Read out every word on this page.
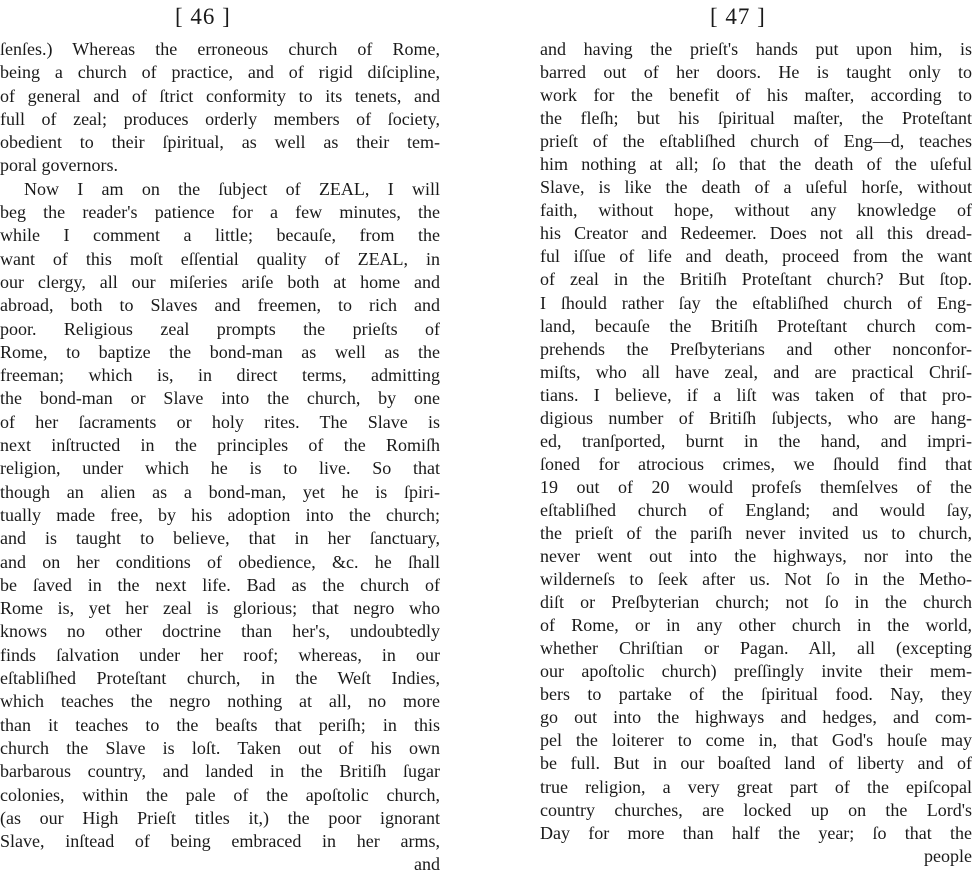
[ 46 ]
ſenſes.) Whereas the erroneous church of Rome,
being a church of practice, and of rigid diſcipline,
of general and of ſtrict conformity to its tenets, and
full of zeal; produces orderly members of ſociety,
obedient to their ſpiritual, as well as their tem-
poral governors.
Now I am on the ſubject of ZEAL, I will
beg the reader's patience for a few minutes, the
while I comment a little; becauſe, from the
want of this moſt eſſential quality of ZEAL, in
our clergy, all our miſeries ariſe both at home and
abroad, both to Slaves and freemen, to rich and
poor. Religious zeal prompts the prieſts of
Rome, to baptize the bond-man as well as the
freeman; which is, in direct terms, admitting
the bond-man or Slave into the church, by one
of her ſacraments or holy rites. The Slave is
next inſtructed in the principles of the Romiſh
religion, under which he is to live. So that
though an alien as a bond-man, yet he is ſpiri-
tually made free, by his adoption into the church;
and is taught to believe, that in her ſanctuary,
and on her conditions of obedience, &c. he ſhall
be ſaved in the next life. Bad as the church of
Rome is, yet her zeal is glorious; that negro who
knows no other doctrine than her's, undoubtedly
finds ſalvation under her roof; whereas, in our
eſtabliſhed Proteſtant church, in the Weſt Indies,
which teaches the negro nothing at all, no more
than it teaches to the beaſts that periſh; in this
church the Slave is loſt. Taken out of his own
barbarous country, and landed in the Britiſh ſugar
colonies, within the pale of the apoſtolic church,
(as our High Prieſt titles it,) the poor ignorant
Slave, inſtead of being embraced in her arms,
and
[ 47 ]
and having the prieſt's hands put upon him, is
barred out of her doors. He is taught only to
work for the benefit of his maſter, according to
the fleſh; but his ſpiritual maſter, the Proteſtant
prieſt of the eſtabliſhed church of Eng—d, teaches
him nothing at all; ſo that the death of the uſeful
Slave, is like the death of a uſeful horſe, without
faith, without hope, without any knowledge of
his Creator and Redeemer. Does not all this dread-
ful iſſue of life and death, proceed from the want
of zeal in the Britiſh Proteſtant church? But ſtop.
I ſhould rather ſay the eſtabliſhed church of Eng-
land, becauſe the Britiſh Proteſtant church com-
prehends the Preſbyterians and other nonconfor-
miſts, who all have zeal, and are practical Chriſ-
tians. I believe, if a liſt was taken of that pro-
digious number of Britiſh ſubjects, who are hang-
ed, tranſported, burnt in the hand, and impri-
ſoned for atrocious crimes, we ſhould find that
19 out of 20 would profeſs themſelves of the
eſtabliſhed church of England; and would ſay,
the prieſt of the pariſh never invited us to church,
never went out into the highways, nor into the
wilderneſs to ſeek after us. Not ſo in the Metho-
diſt or Preſbyterian church; not ſo in the church
of Rome, or in any other church in the world,
whether Chriſtian or Pagan. All, all (excepting
our apoſtolic church) preſſingly invite their mem-
bers to partake of the ſpiritual food. Nay, they
go out into the highways and hedges, and com-
pel the loiterer to come in, that God's houſe may
be full. But in our boaſted land of liberty and of
true religion, a very great part of the epiſcopal
country churches, are locked up on the Lord's
Day for more than half the year; ſo that the
people
